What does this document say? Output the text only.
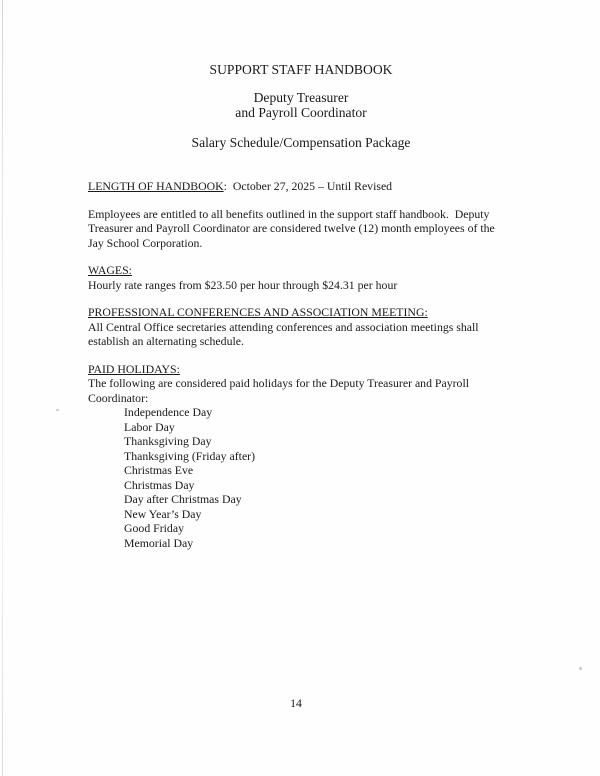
SUPPORT STAFF HANDBOOK
Deputy Treasurer
and Payroll Coordinator
Salary Schedule/Compensation Package
LENGTH OF HANDBOOK:  October 27, 2025 – Until Revised
Employees are entitled to all benefits outlined in the support staff handbook.  Deputy
Treasurer and Payroll Coordinator are considered twelve (12) month employees of the
Jay School Corporation.
WAGES:
Hourly rate ranges from $23.50 per hour through $24.31 per hour
PROFESSIONAL CONFERENCES AND ASSOCIATION MEETING:
All Central Office secretaries attending conferences and association meetings shall
establish an alternating schedule.
PAID HOLIDAYS:
The following are considered paid holidays for the Deputy Treasurer and Payroll
Coordinator:
Independence Day
Labor Day
Thanksgiving Day
Thanksgiving (Friday after)
Christmas Eve
Christmas Day
Day after Christmas Day
New Year’s Day
Good Friday
Memorial Day
14
